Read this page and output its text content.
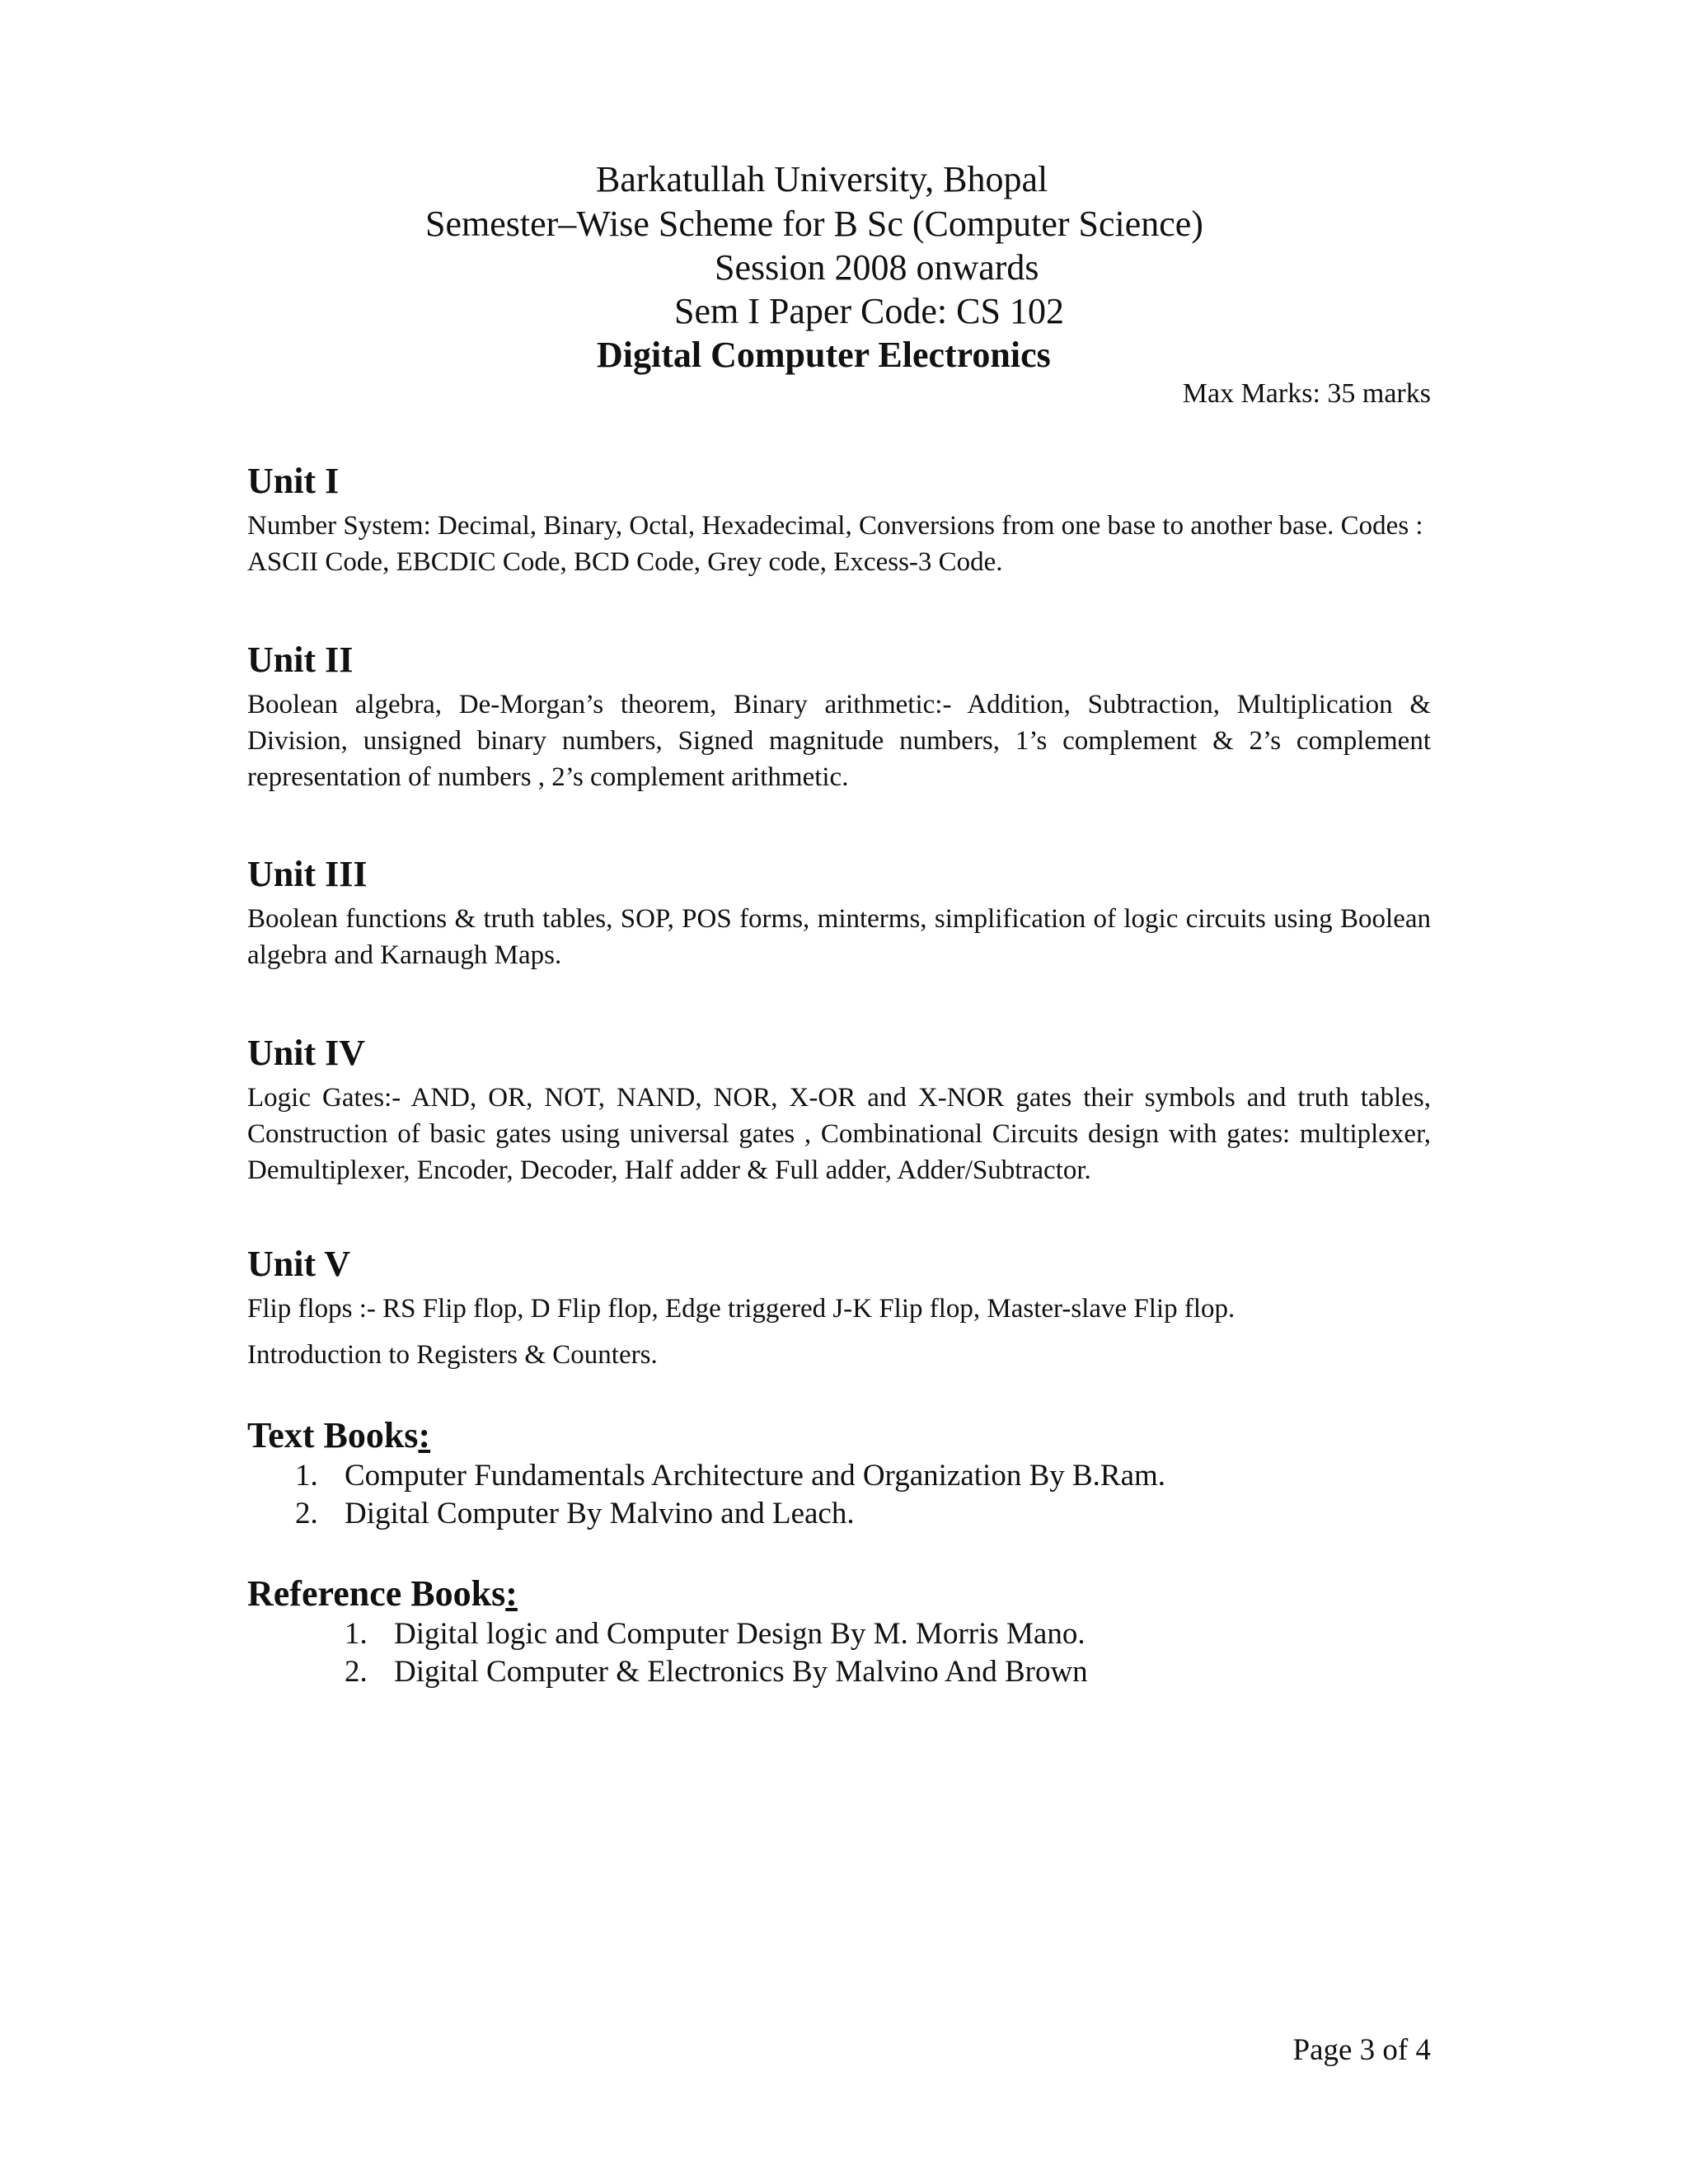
Barkatullah University, Bhopal
Semester–Wise Scheme for B Sc (Computer Science)
Session 2008 onwards
Sem I Paper Code: CS 102
Digital Computer Electronics
Max Marks: 35 marks
Unit I
Number System: Decimal, Binary, Octal, Hexadecimal, Conversions from one base to another base. Codes : ASCII Code, EBCDIC Code, BCD Code, Grey code, Excess-3 Code.
Unit II
Boolean algebra, De-Morgan’s theorem, Binary arithmetic:- Addition, Subtraction, Multiplication & Division, unsigned binary numbers, Signed magnitude numbers, 1’s complement & 2’s complement representation of numbers , 2’s complement arithmetic.
Unit III
Boolean functions & truth tables, SOP, POS forms, minterms, simplification of logic circuits using Boolean algebra and Karnaugh Maps.
Unit IV
Logic Gates:- AND, OR, NOT, NAND, NOR, X-OR and X-NOR gates their symbols and truth tables, Construction of basic gates using universal gates , Combinational Circuits design with gates: multiplexer, Demultiplexer, Encoder, Decoder, Half adder & Full adder, Adder/Subtractor.
Unit V

Flip flops :- RS Flip flop, D Flip flop, Edge triggered J-K Flip flop, Master-slave Flip flop.

Introduction to Registers & Counters.

Text Books:
1. Computer Fundamentals Architecture and Organization By B.Ram.
2. Digital Computer By Malvino and Leach.
Reference Books:
1. Digital logic and Computer Design By M. Morris Mano.
2. Digital Computer & Electronics By Malvino And Brown
Page 3 of 4
